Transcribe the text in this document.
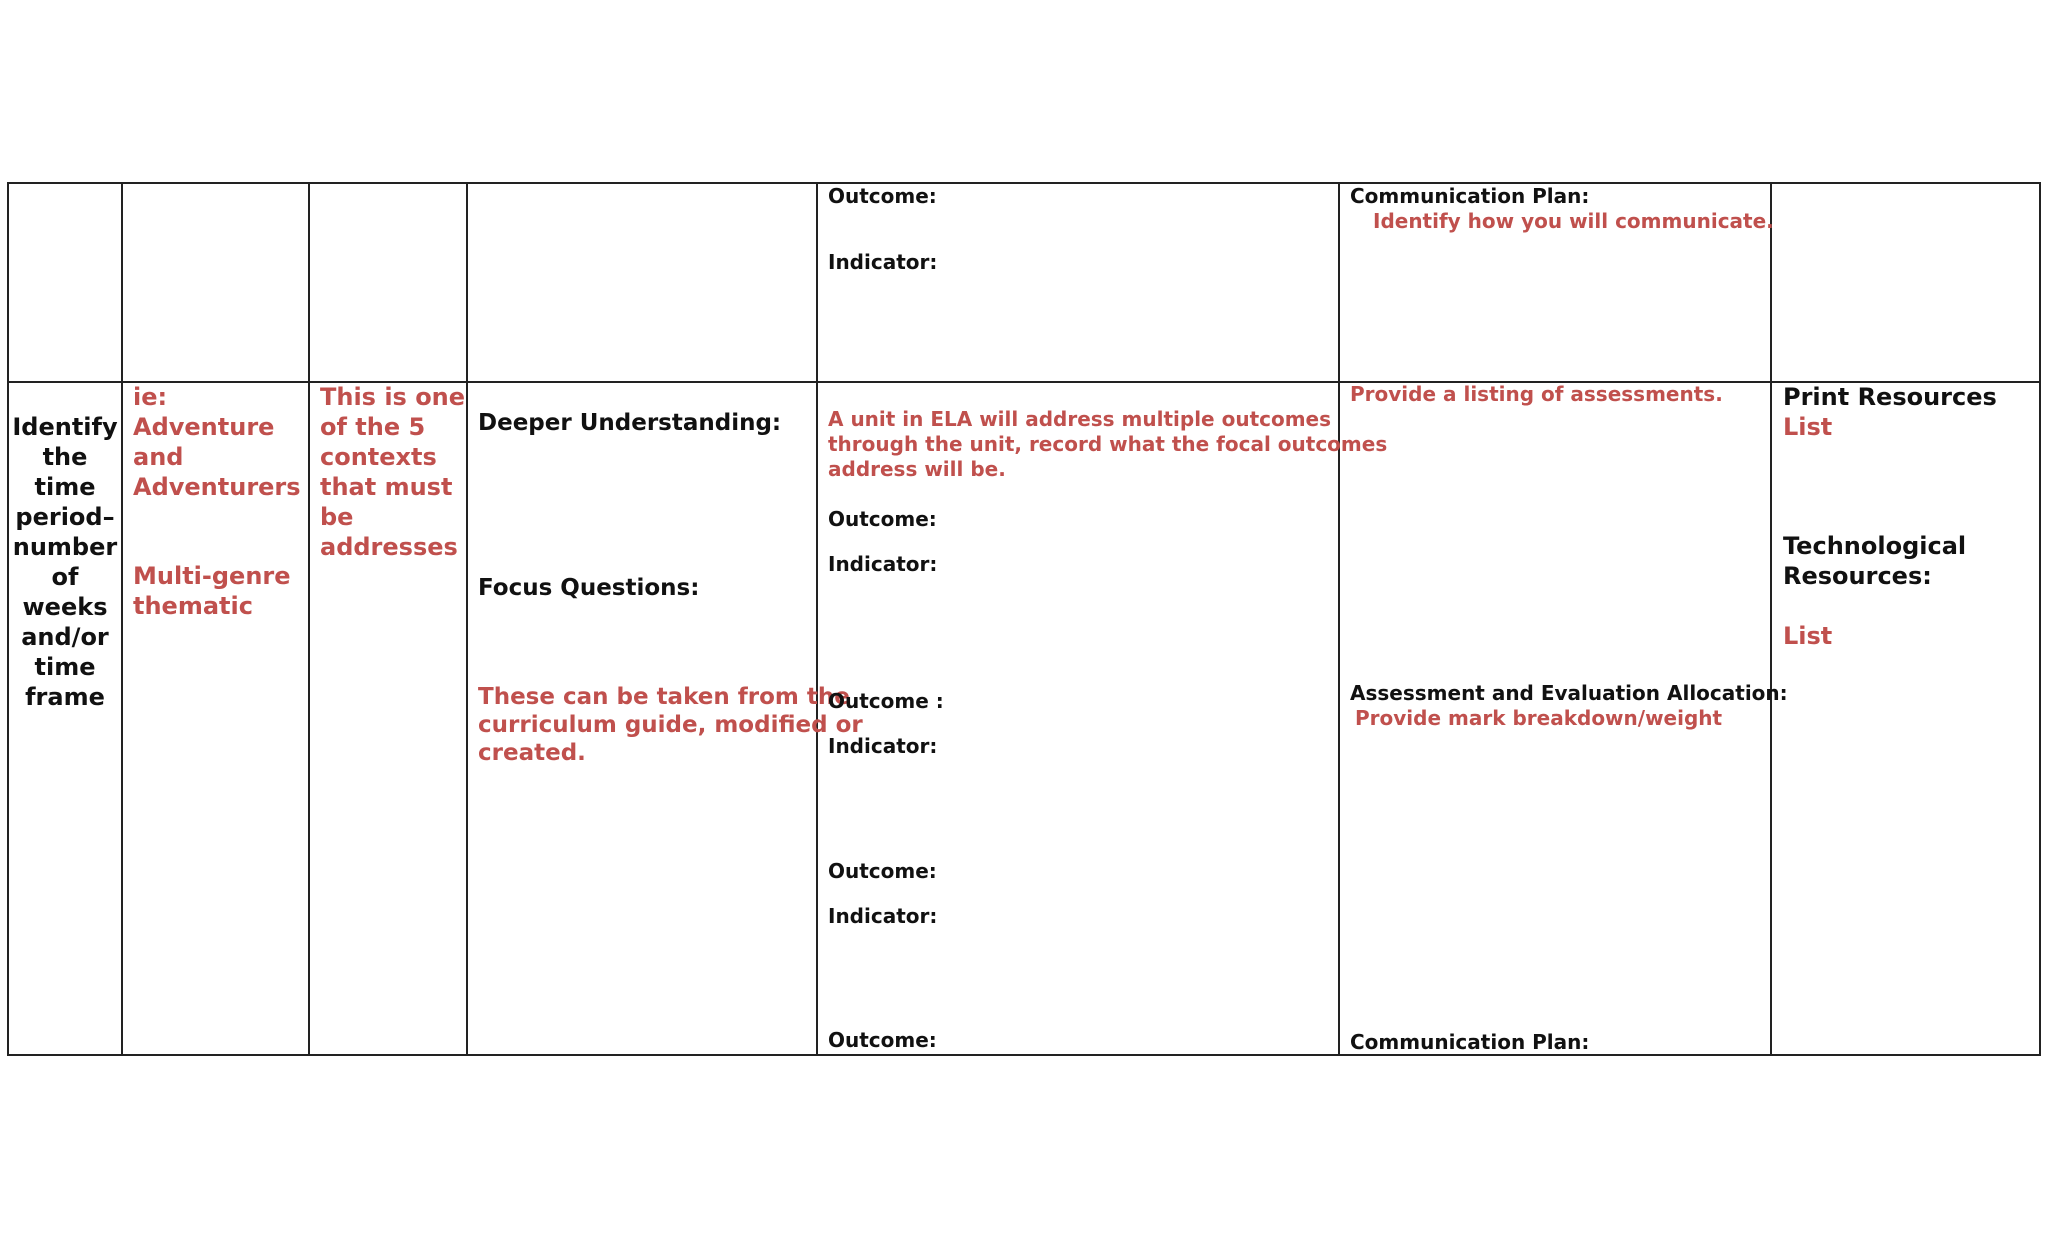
Outcome:

Indicator:

Communication Plan:

Identify how you will communicate.

Identify
the
time
period–
number
of
weeks
and/or
time
frame

ie:

Adventure
and
Adventurers

Multi-genre
thematic

This is one
of the 5
contexts
that must
be
addresses

Deeper Understanding:

Focus Questions:

These can be taken from the
curriculum guide, modified or
created.

A unit in ELA will address multiple outcomes
through the unit, record what the focal outcomes
address will be.

Outcome:

Indicator:

Outcome :

Indicator:

Outcome:

Indicator:

Outcome:

Provide a listing of assessments.

Assessment and Evaluation Allocation:

Provide mark breakdown/weight

Communication Plan:

Print Resources

List

Technological
Resources:

List
